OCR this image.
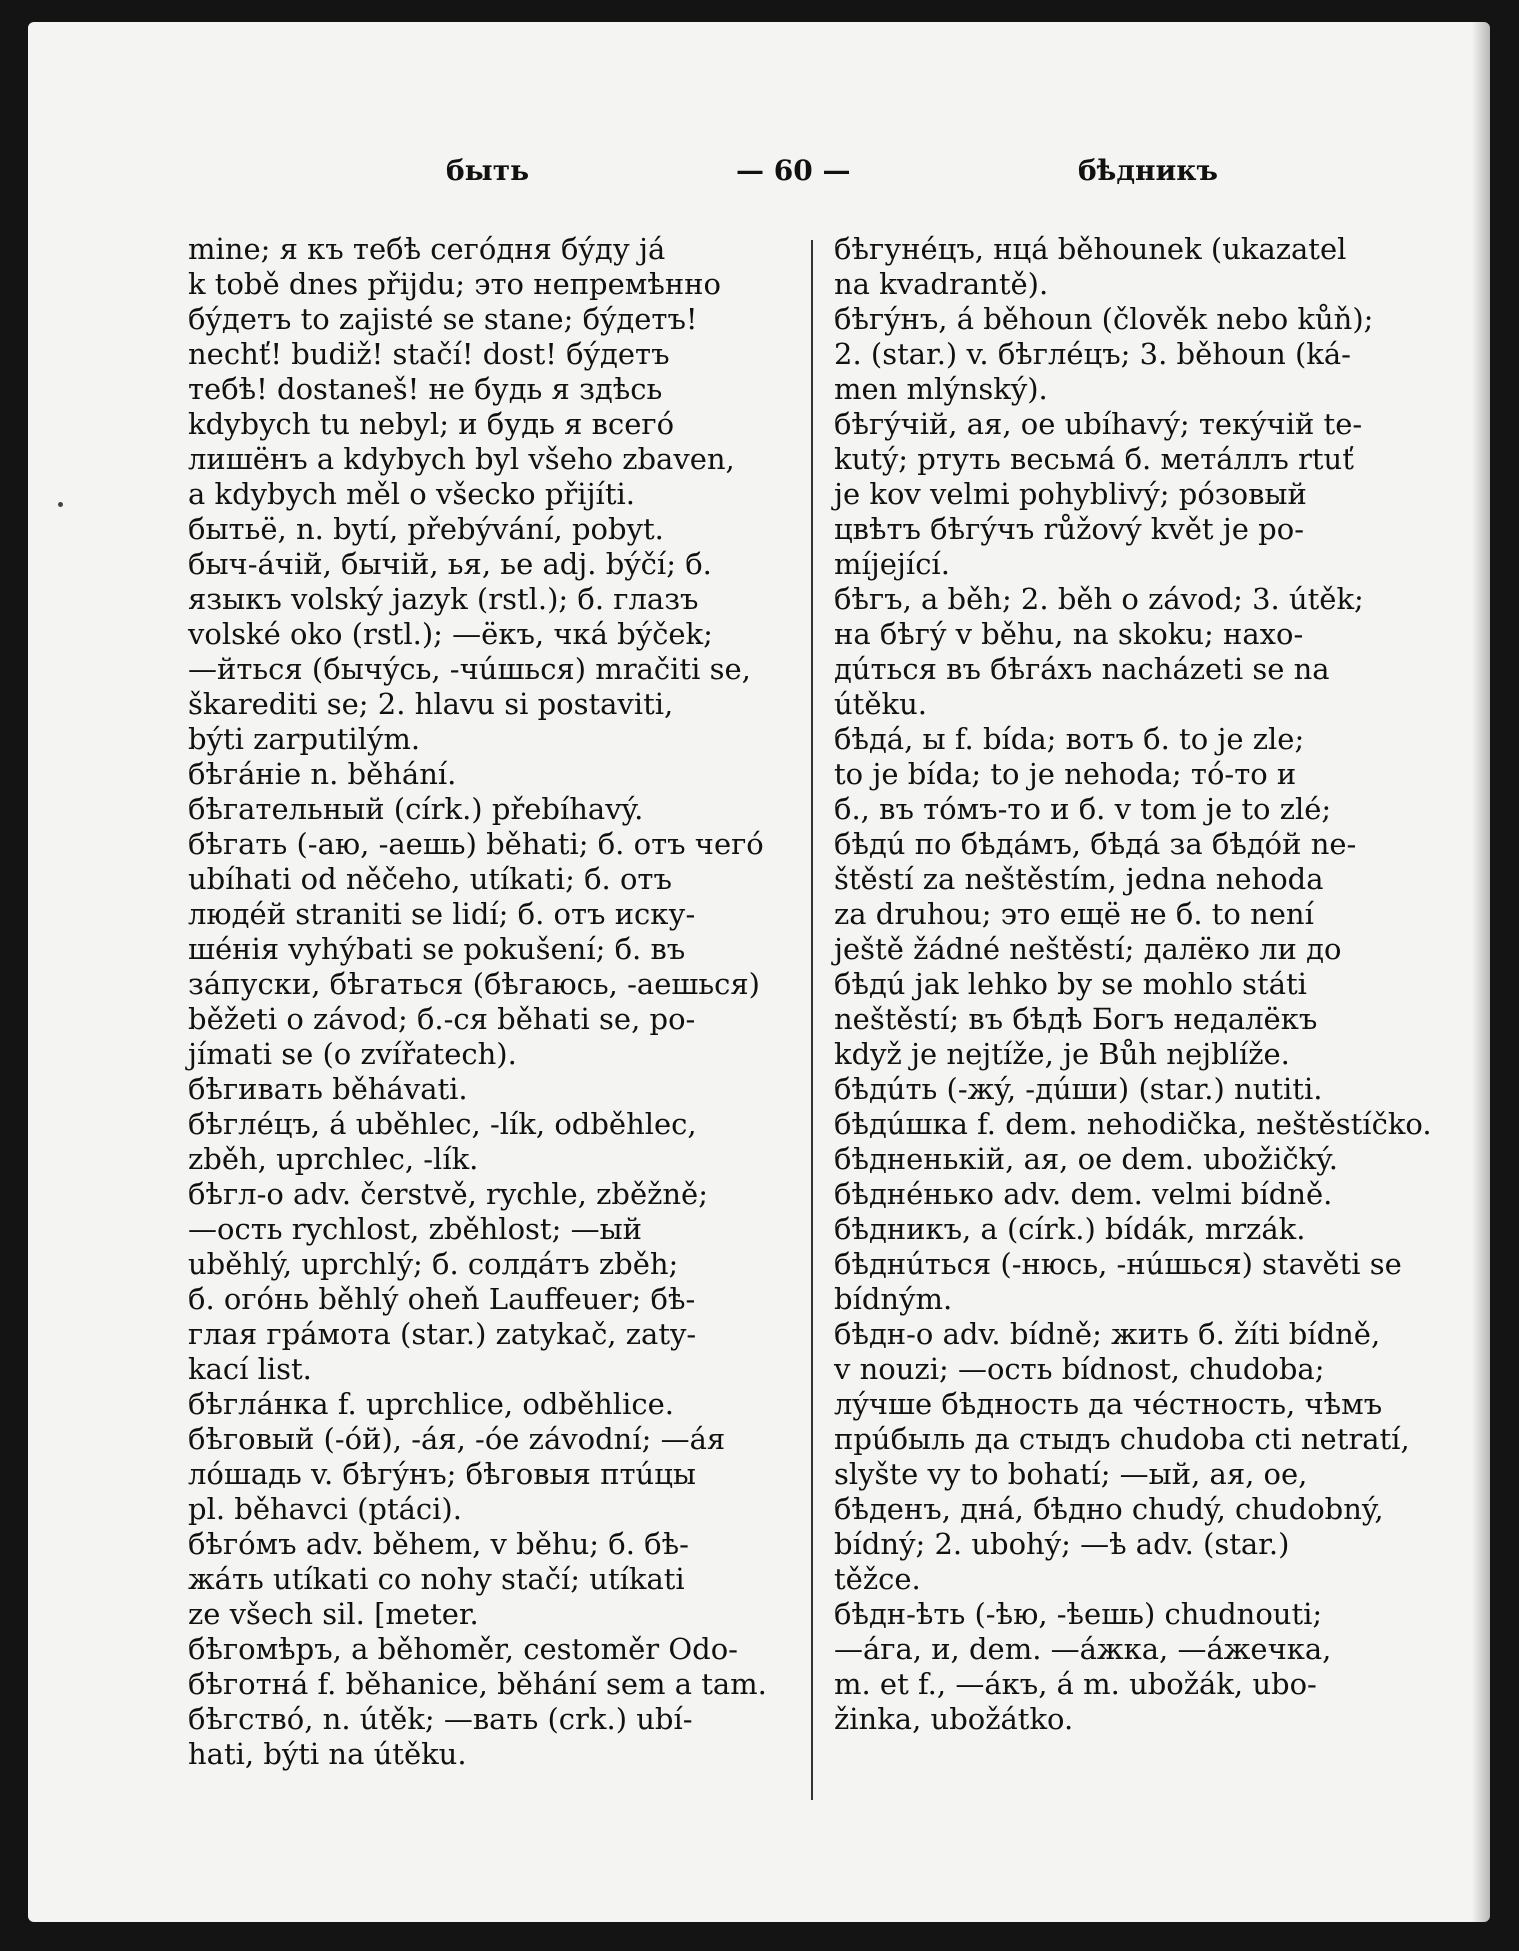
быть	— 60 —	бѣдникъ
mine; я къ тебѣ сегóдня бýду já
k tobě dnes přijdu; это непремѣнно
бýдетъ to zajisté se stane; бýдетъ!
nechť! budiž! stačí! dost! бýдетъ
тебѣ! dostaneš! не будь я здѣсь
kdybych tu nebyl; и будь я всегó
лишёнъ a kdybych byl všeho zbaven,
a kdybych měl o všecko přijíti.
бытьё, n. bytí, přebývání, pobyt.
быч-áчій, бычій, ья, ье adj. býčí; б.
языкъ volský jazyk (rstl.); б. глазъ
volské oko (rstl.); —ёкъ, чкá býček;
—йться (бычýсь, -чúшься) mračiti se,
škarediti se; 2. hlavu si postaviti,
býti zarputilým.
бѣгáніе n. běhání.
бѣгательный (círk.) přebíhavý.
бѣгать (-аю, -аешь) běhati; б. отъ чегó
ubíhati od něčeho, utíkati; б. отъ
людéй straniti se lidí; б. отъ иску-
шéнія vyhýbati se pokušení; б. въ
зáпуски, бѣгаться (бѣгаюсь, -аешься)
běžeti o závod; б.-ся běhati se, po-
jímati se (o zvířatech).
бѣгивать běhávati.
бѣглéцъ, á uběhlec, -lík, odběhlec,
zběh, uprchlec, -lík.
бѣгл-о adv. čerstvě, rychle, zběžně;
—ость rychlost, zběhlost; —ый
uběhlý, uprchlý; б. солдáтъ zběh;
б. огóнь běhlý oheň Lauffeuer; бѣ-
глая грáмота (star.) zatykač, zaty-
kací list.
бѣглáнка f. uprchlice, odběhlice.
бѣговый (-óй), -áя, -óе závodní; —áя
лóшадь v. бѣгýнъ; бѣговыя птúцы
pl. běhavci (ptáci).
бѣгóмъ adv. během, v běhu; б. бѣ-
жáть utíkati co nohy stačí; utíkati
ze všech sil. [meter.
бѣгомѣръ, a běhoměr, cestoměr Odo-
бѣготнá f. běhanice, běhání sem a tam.
бѣгствó, n. útěk; —вать (crk.) ubí-
hati, býti na útěku.
бѣгунéцъ, нцá běhounek (ukazatel
na kvadrantě).
бѣгýнъ, á běhoun (člověk nebo kůň);
2. (star.) v. бѣглéцъ; 3. běhoun (ká-
men mlýnský).
бѣгýчій, ая, ое ubíhavý; текýчій te-
kutý; ртуть весьмá б. метáллъ rtuť
je kov velmi pohyblivý; рóзовый
цвѣтъ бѣгýчъ růžový květ je po-
míjející.
бѣгъ, a běh; 2. běh o závod; 3. útěk;
на бѣгý v běhu, na skoku; нахо-
дúться въ бѣгáхъ nacházeti se na
útěku.
бѣдá, ы f. bída; вотъ б. to je zle;
to je bída; to je nehoda; тó-то и
б., въ тóмъ-то и б. v tom je to zlé;
бѣдú по бѣдáмъ, бѣдá за бѣдóй ne-
štěstí za neštěstím, jedna nehoda
za druhou; это ещё не б. to není
ještě žádné neštěstí; далёко ли до
бѣдú jak lehko by se mohlo státi
neštěstí; въ бѣдѣ Богъ недалёкъ
když je nejtíže, je Bůh nejblíže.
бѣдúть (-жý, -дúши) (star.) nutiti.
бѣдúшка f. dem. nehodička, neštěstíčko.
бѣдненькій, ая, ое dem. ubožičký.
бѣднéнько adv. dem. velmi bídně.
бѣдникъ, a (círk.) bídák, mrzák.
бѣднúться (-нюсь, -нúшься) stavěti se
bídným.
бѣдн-о adv. bídně; жить б. žíti bídně,
v nouzi; —ость bídnost, chudoba;
лýчше бѣдность да чéстность, чѣмъ
прúбыль да стыдъ chudoba cti netratí,
slyšte vy to bohatí; —ый, ая, ое,
бѣденъ, днá, бѣдно chudý, chudobný,
bídný; 2. ubohý; —ѣ adv. (star.)
těžce.
бѣдн-ѣть (-ѣю, -ѣешь) chudnouti;
—áга, и, dem. —áжка, —áжечка,
m. et f., —áкъ, á m. ubožák, ubo-
žinka, ubožátko.
